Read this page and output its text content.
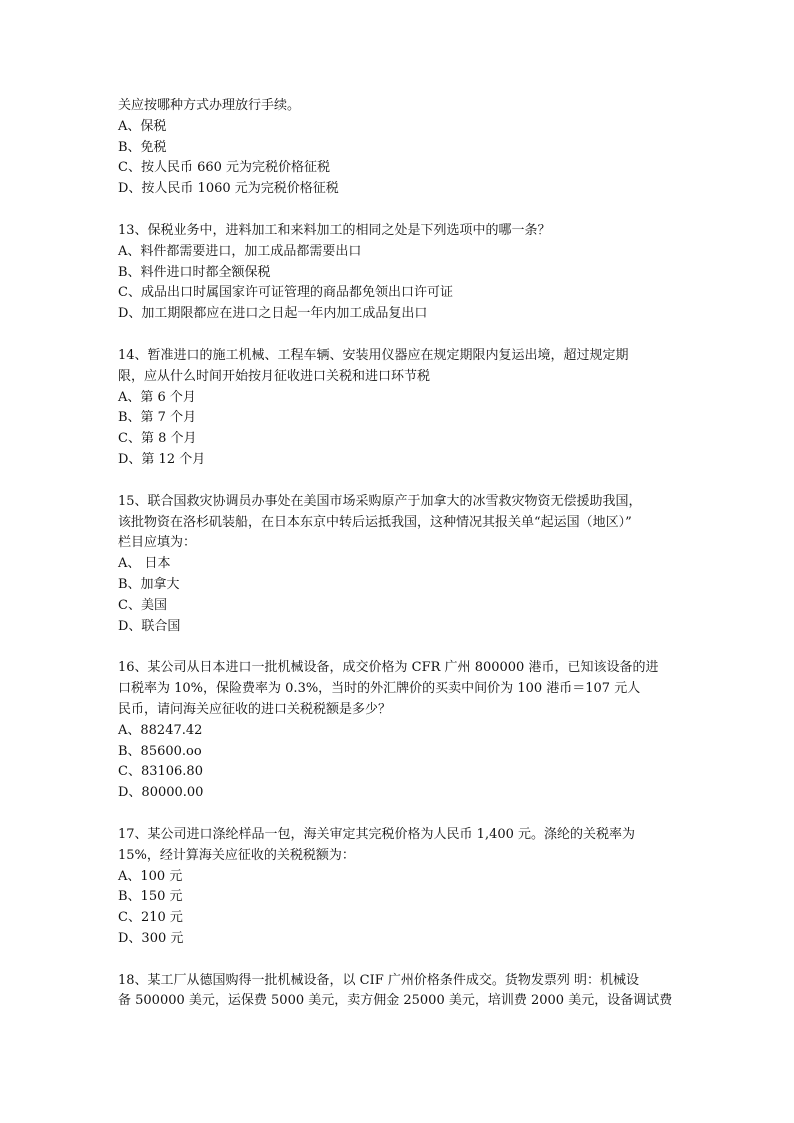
关应按哪种方式办理放行手续。
A、保税
B、免税
C、按人民币 660 元为完税价格征税
D、按人民币 1060 元为完税价格征税
13、保税业务中，进料加工和来料加工的相同之处是下列选项中的哪一条？
A、料件都需要进口，加工成品都需要出口
B、料件进口时都全额保税
C、成品出口时属国家许可证管理的商品都免领出口许可证
D、加工期限都应在进口之日起一年内加工成品复出口
14、暂准进口的施工机械、工程车辆、安装用仪器应在规定期限内复运出境，超过规定期
限，应从什么时间开始按月征收进口关税和进口环节税
A、第 6 个月
B、第 7 个月
C、第 8 个月
D、第 12 个月
15、联合国救灾协调员办事处在美国市场采购原产于加拿大的冰雪救灾物资无偿援助我国，
该批物资在洛杉矶装船，在日本东京中转后运抵我国，这种情况其报关单“起运国（地区）”
栏目应填为：
A、 日本
B、加拿大
C、美国
D、联合国
16、某公司从日本进口一批机械设备，成交价格为 CFR 广州 800000 港币，已知该设备的进
口税率为 10%，保险费率为 0.3%，当时的外汇牌价的买卖中间价为 100 港币＝107 元人
民币，请问海关应征收的进口关税税额是多少？
A、88247.42
B、85600.oo
C、83106.80
D、80000.00
17、某公司进口涤纶样品一包，海关审定其完税价格为人民币 1,400 元。涤纶的关税率为
15%，经计算海关应征收的关税税额为：
A、100 元
B、150 元
C、210 元
D、300 元
18、某工厂从德国购得一批机械设备，以 CIF 广州价格条件成交。货物发票列 明：机械设
备 500000 美元，运保费 5000 美元，卖方佣金 25000 美元，培训费 2000 美元，设备调试费
